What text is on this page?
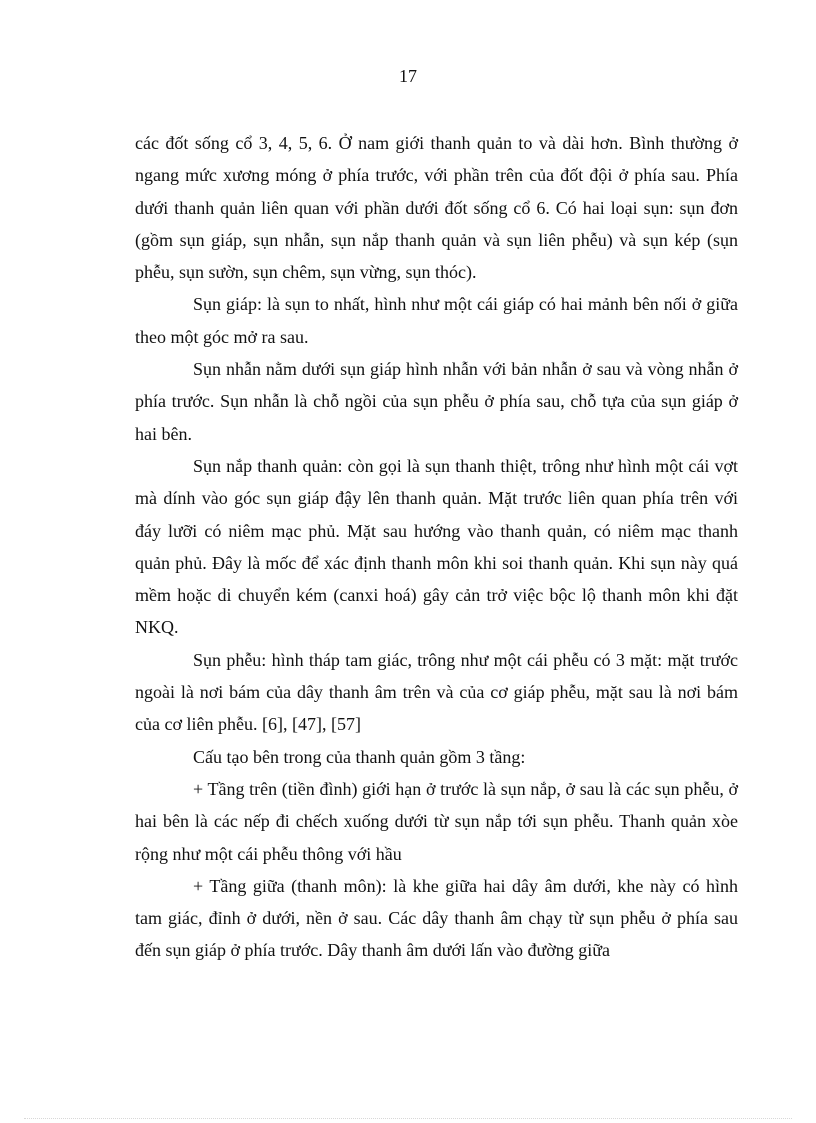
17

các đốt sống cổ 3, 4, 5, 6. Ở nam giới thanh quản to và dài hơn. Bình thường ở ngang mức xương móng ở phía trước, với phần trên của đốt đội ở phía sau. Phía dưới thanh quản liên quan với phần dưới đốt sống cổ 6. Có hai loại sụn: sụn đơn (gồm sụn giáp, sụn nhẫn, sụn nắp thanh quản và sụn liên phễu) và sụn kép (sụn phễu, sụn sườn, sụn chêm, sụn vừng, sụn thóc).

Sụn giáp: là sụn to nhất, hình như một cái giáp có hai mảnh bên nối ở giữa theo một góc mở ra sau.

Sụn nhẫn nằm dưới sụn giáp hình nhẫn với bản nhẫn ở sau và vòng nhẫn ở phía trước. Sụn nhẫn là chỗ ngồi của sụn phễu ở phía sau, chỗ tựa của sụn giáp ở hai bên.

Sụn nắp thanh quản: còn gọi là sụn thanh thiệt, trông như hình một cái vợt mà dính vào góc sụn giáp đậy lên thanh quản. Mặt trước liên quan phía trên với đáy lưỡi có niêm mạc phủ. Mặt sau hướng vào thanh quản, có niêm mạc thanh quản phủ. Đây là mốc để xác định thanh môn khi soi thanh quản. Khi sụn này quá mềm hoặc di chuyển kém (canxi hoá) gây cản trở việc bộc lộ thanh môn khi đặt NKQ.

Sụn phễu: hình tháp tam giác, trông như một cái phễu có 3 mặt: mặt trước ngoài là nơi bám của dây thanh âm trên và của cơ giáp phễu, mặt sau là nơi bám của cơ liên phễu. [6], [47], [57]

Cấu tạo bên trong của thanh quản gồm 3 tầng:

+ Tầng trên (tiền đình) giới hạn ở trước là sụn nắp, ở sau là các sụn phễu, ở hai bên là các nếp đi chếch xuống dưới từ sụn nắp tới sụn phễu. Thanh quản xòe rộng như một cái phễu thông với hầu

+ Tầng giữa (thanh môn): là khe giữa hai dây âm dưới, khe này có hình tam giác, đỉnh ở dưới, nền ở sau. Các dây thanh âm chạy từ sụn phễu ở phía sau đến sụn giáp ở phía trước. Dây thanh âm dưới lấn vào đường giữa
